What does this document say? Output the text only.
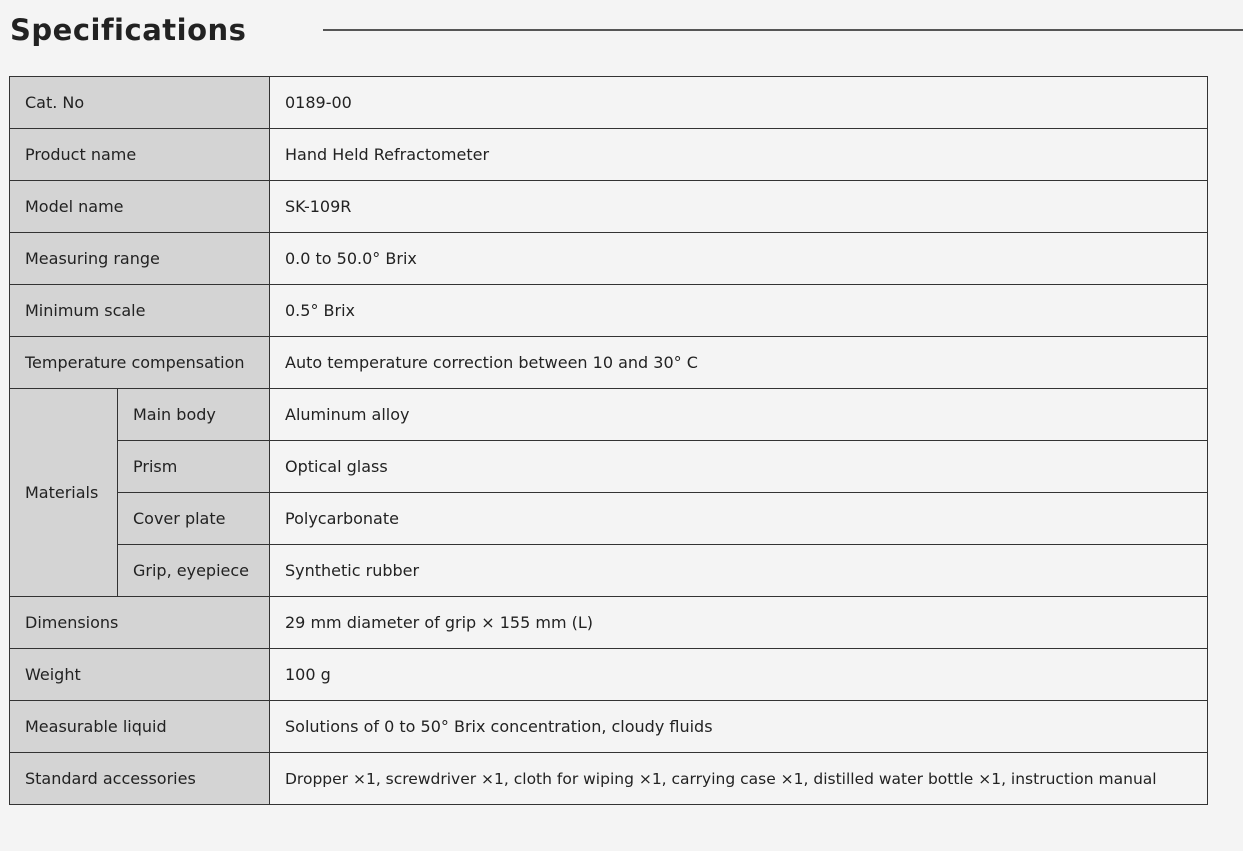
Specifications
Cat. No		0189-00
Product name		Hand Held Refractometer
Model name		SK-109R
Measuring range		0.0 to 50.0° Brix
Minimum scale		0.5° Brix
Temperature compensation		Auto temperature correction between 10 and 30° C
Materials	Main body	Aluminum alloy
	Prism	Optical glass
	Cover plate	Polycarbonate
	Grip, eyepiece	Synthetic rubber
Dimensions		29 mm diameter of grip × 155 mm (L)
Weight		100 g
Measurable liquid		Solutions of 0 to 50° Brix concentration, cloudy fluids
Standard accessories		Dropper ×1, screwdriver ×1, cloth for wiping ×1, carrying case ×1, distilled water bottle ×1, instruction manual
